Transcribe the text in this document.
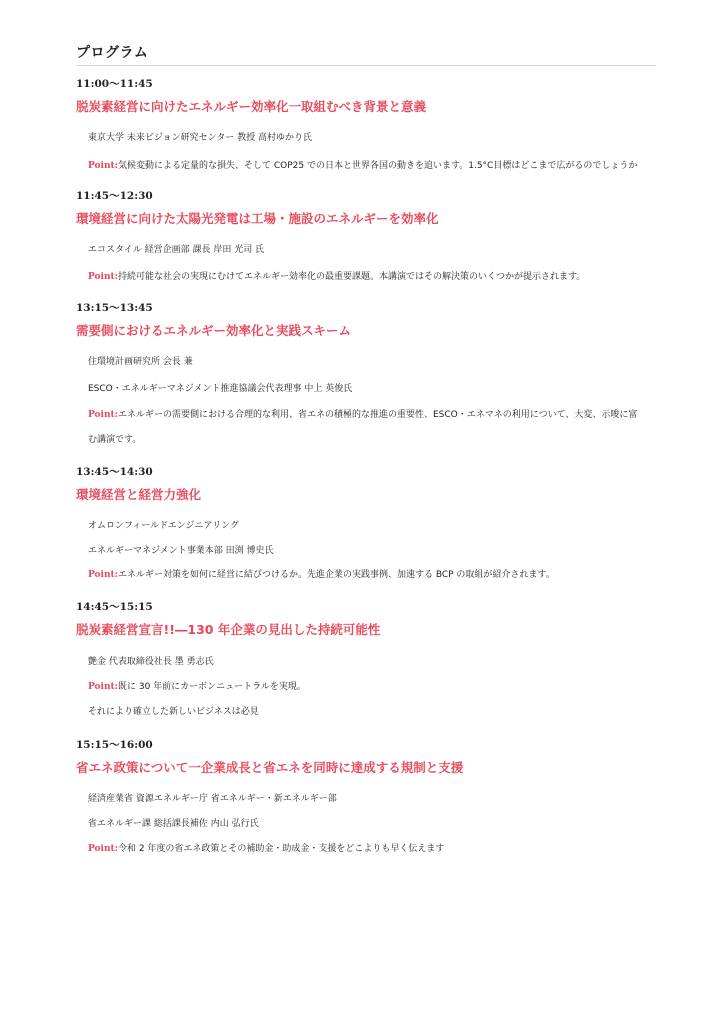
プログラム
11:00〜11:45
脱炭素経営に向けたエネルギー効率化一取組むべき背景と意義
東京大学 未来ビジョン研究センター 教授 高村ゆかり氏
Point:気候変動による定量的な損失、そして COP25 での日本と世界各国の動きを追います。1.5°C目標はどこまで広がるのでしょうか
11:45〜12:30
環境経営に向けた太陽光発電は工場・施設のエネルギーを効率化
エコスタイル 経営企画部 課長 岸田 光司 氏
Point:持続可能な社会の実現にむけてエネルギー効率化の最重要課題。本講演ではその解決策のいくつかが提示されます。
13:15〜13:45
需要側におけるエネルギー効率化と実践スキーム
住環境計画研究所 会長 兼
ESCO・エネルギーマネジメント推進協議会代表理事 中上 英俊氏
Point:エネルギーの需要側における合理的な利用、省エネの積極的な推進の重要性、ESCO・エネマネの利用について、大変、示唆に富
む講演です。
13:45〜14:30
環境経営と経営力強化
オムロンフィールドエンジニアリング
エネルギーマネジメント事業本部 田渕 博史氏
Point:エネルギー対策を如何に経営に結びつけるか。先進企業の実践事例、加速する BCP の取組が紹介されます。
14:45〜15:15
脱炭素経営宣言!!―130 年企業の見出した持続可能性
艶金 代表取締役社長 墨 勇志氏
Point:既に 30 年前にカーボンニュートラルを実現。
それにより確立した新しいビジネスは必見
15:15〜16:00
省エネ政策について一企業成長と省エネを同時に達成する規制と支援
経済産業省 資源エネルギー庁 省エネルギー・新エネルギー部
省エネルギー課 総括課長補佐 内山 弘行氏
Point:令和 2 年度の省エネ政策とその補助金・助成金・支援をどこよりも早く伝えます
